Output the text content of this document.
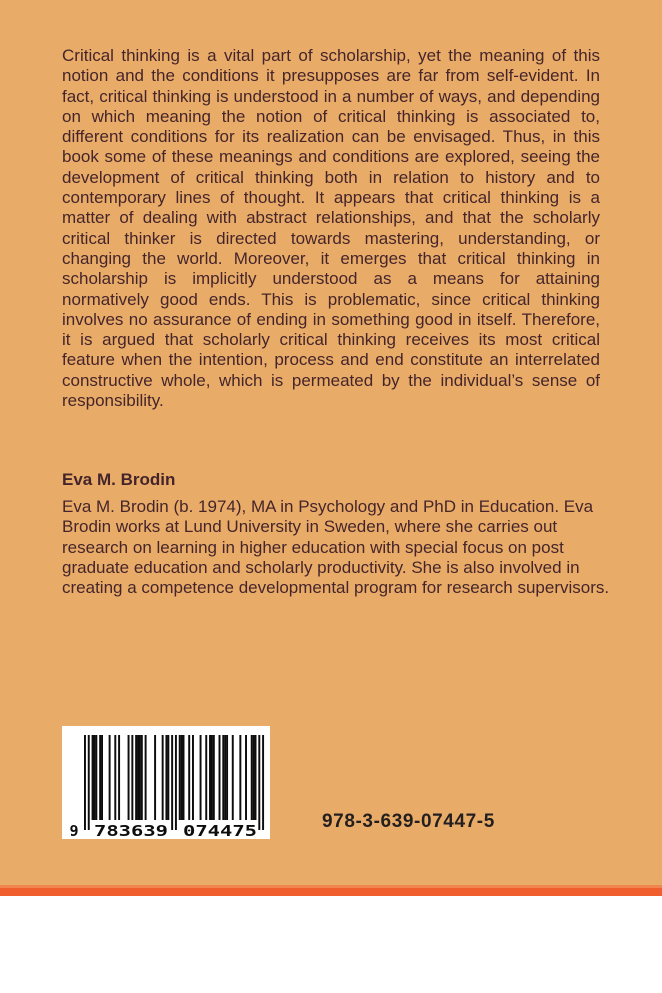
Critical thinking is a vital part of scholarship, yet the meaning of this notion and the conditions it presupposes are far from self-evident. In fact, critical thinking is understood in a number of ways, and depending on which meaning the notion of critical thinking is associated to, different conditions for its realization can be envisaged. Thus, in this book some of these meanings and conditions are explored, seeing the development of critical thinking both in relation to history and to contemporary lines of thought. It appears that critical thinking is a matter of dealing with abstract relationships, and that the scholarly critical thinker is directed towards mastering, understanding, or changing the world. Moreover, it emerges that critical thinking in scholarship is implicitly understood as a means for attaining normatively good ends. This is problematic, since critical thinking involves no assurance of ending in something good in itself. Therefore, it is argued that scholarly critical thinking receives its most critical feature when the intention, process and end constitute an interrelated constructive whole, which is permeated by the individual’s sense of responsibility.

Eva M. Brodin

Eva M. Brodin (b. 1974), MA in Psychology and PhD in Education. Eva Brodin works at Lund University in Sweden, where she carries out research on learning in higher education with special focus on post graduate education and scholarly productivity. She is also involved in creating a competence developmental program for research supervisors.

9 783639 074475	978-3-639-07447-5
